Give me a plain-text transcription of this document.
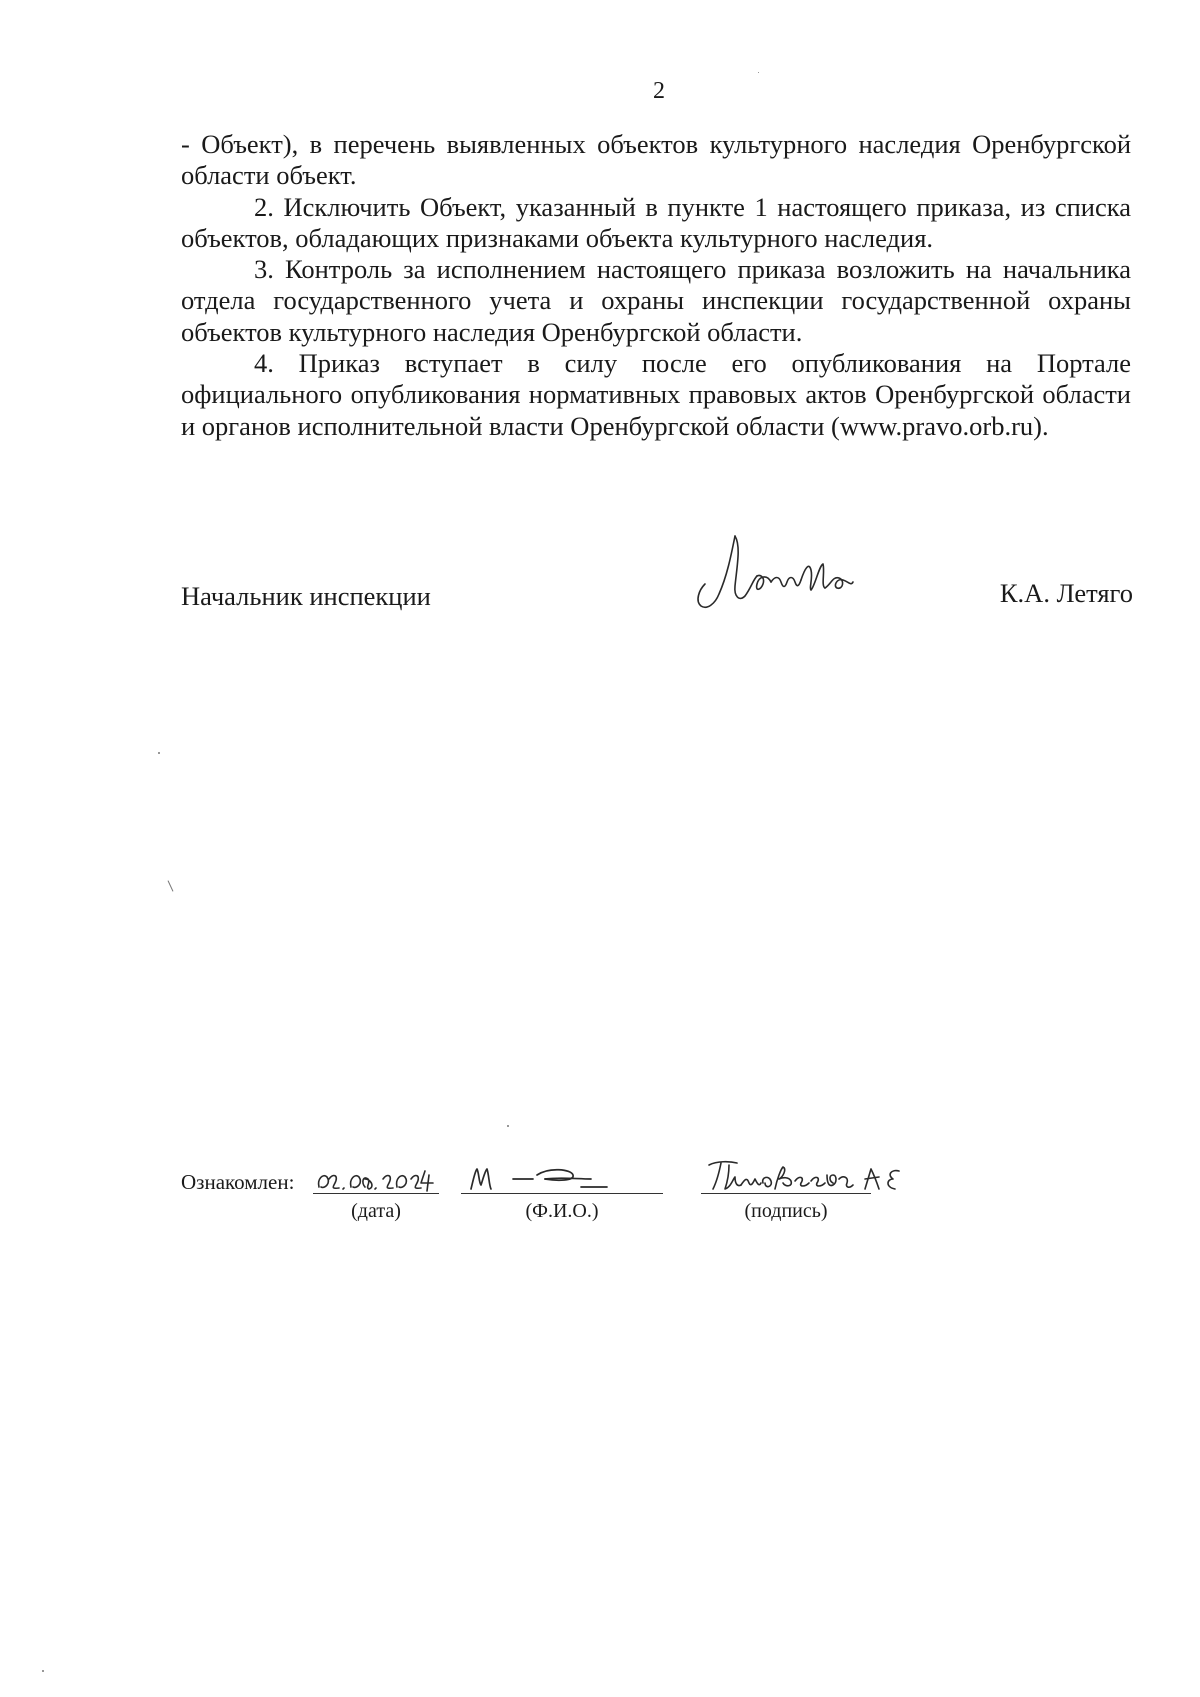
2

- Объект), в перечень выявленных объектов культурного наследия Оренбургской области объект.

2. Исключить Объект, указанный в пункте 1 настоящего приказа, из списка объектов, обладающих признаками объекта культурного наследия.

3. Контроль за исполнением настоящего приказа возложить на начальника отдела государственного учета и охраны инспекции государственной охраны объектов культурного наследия Оренбургской области.

4. Приказ вступает в силу после его опубликования на Портале официального опубликования нормативных правовых актов Оренбургской области и органов исполнительной власти Оренбургской области (www.pravo.orb.ru).

Начальник инспекции
Летяго
К.А. Летяго
Ознакомлен:
(дата)	(Ф.И.О.)	(подпись)
